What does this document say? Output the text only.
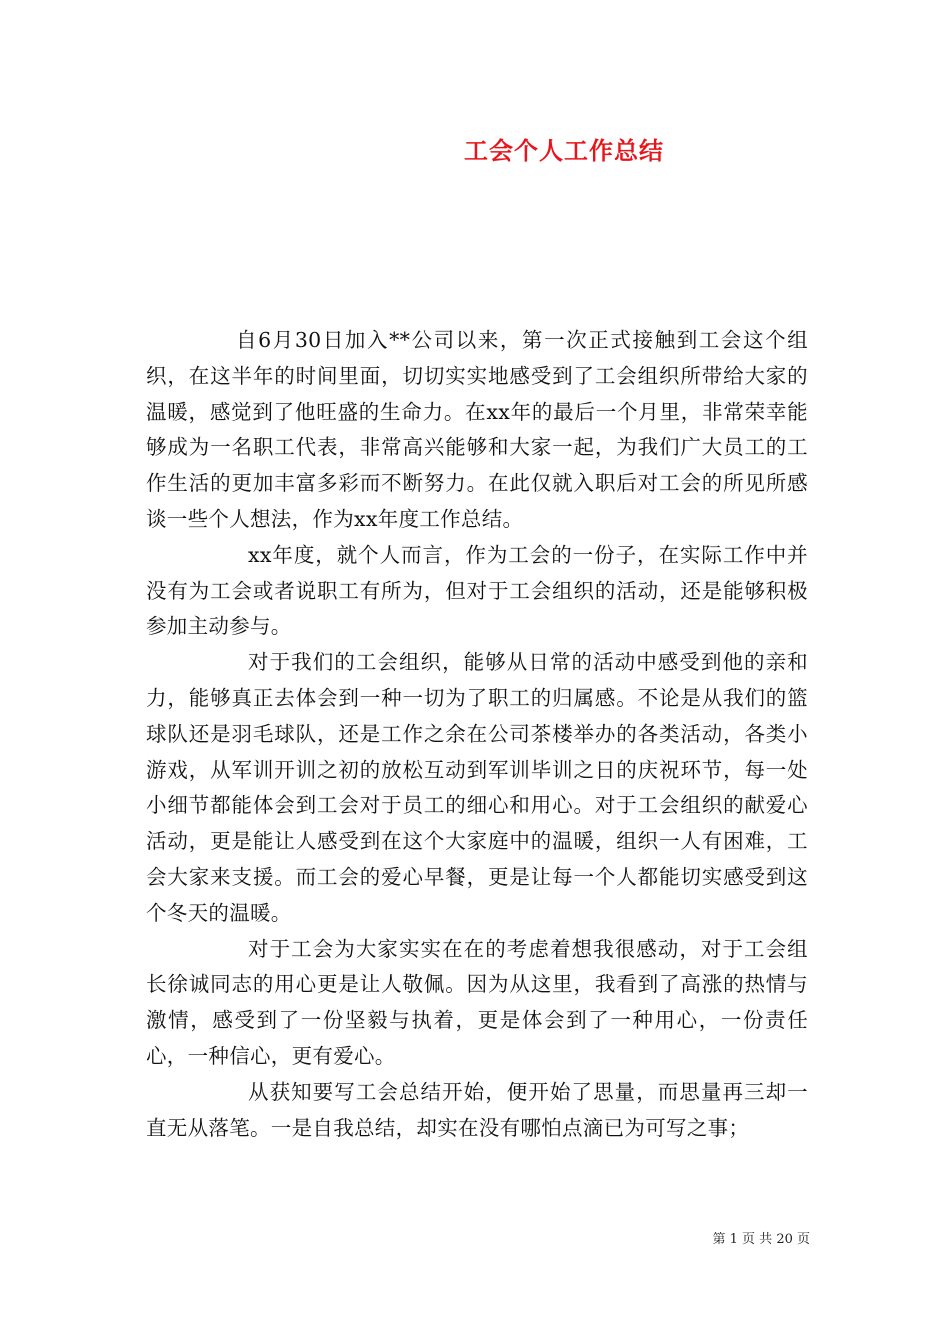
工会个人工作总结

自6月30日加入**公司以来，第一次正式接触到工会这个组织，在这半年的时间里面，切切实实地感受到了工会组织所带给大家的温暖，感觉到了他旺盛的生命力。在xx年的最后一个月里，非常荣幸能够成为一名职工代表，非常高兴能够和大家一起，为我们广大员工的工作生活的更加丰富多彩而不断努力。在此仅就入职后对工会的所见所感谈一些个人想法，作为xx年度工作总结。

xx年度，就个人而言，作为工会的一份子，在实际工作中并没有为工会或者说职工有所为，但对于工会组织的活动，还是能够积极参加主动参与。

对于我们的工会组织，能够从日常的活动中感受到他的亲和力，能够真正去体会到一种一切为了职工的归属感。不论是从我们的篮球队还是羽毛球队，还是工作之余在公司茶楼举办的各类活动，各类小游戏，从军训开训之初的放松互动到军训毕训之日的庆祝环节，每一处小细节都能体会到工会对于员工的细心和用心。对于工会组织的献爱心活动，更是能让人感受到在这个大家庭中的温暖，组织一人有困难，工会大家来支援。而工会的爱心早餐，更是让每一个人都能切实感受到这个冬天的温暖。

对于工会为大家实实在在的考虑着想我很感动，对于工会组长徐诚同志的用心更是让人敬佩。因为从这里，我看到了高涨的热情与激情，感受到了一份坚毅与执着，更是体会到了一种用心，一份责任心，一种信心，更有爱心。

从获知要写工会总结开始，便开始了思量，而思量再三却一直无从落笔。一是自我总结，却实在没有哪怕点滴已为可写之事；

第 1 页 共 20 页
